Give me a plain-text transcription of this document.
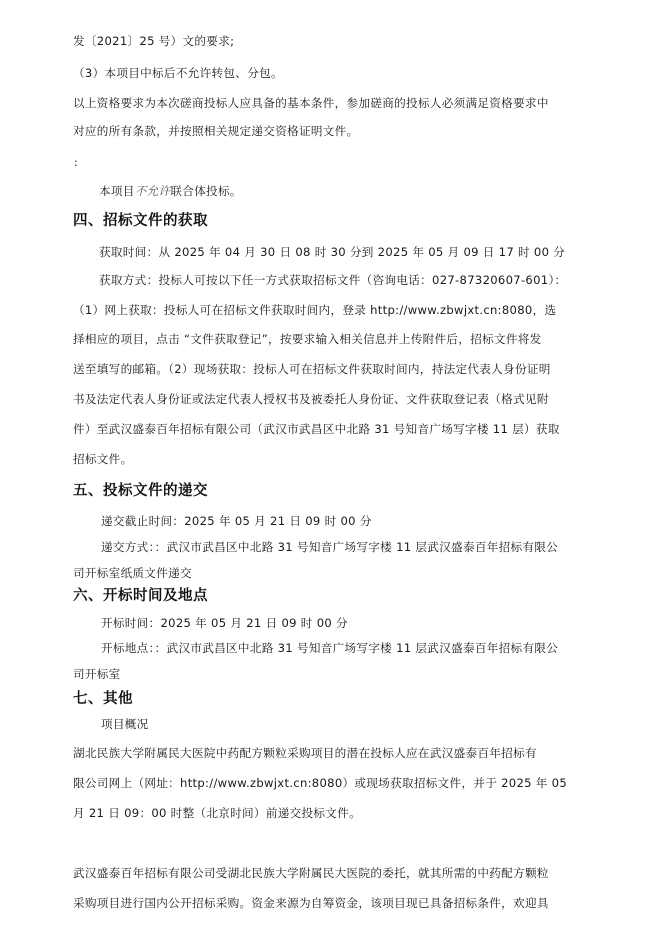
发〔2021〕25 号）文的要求;
（3）本项目中标后不允许转包、分包。
以上资格要求为本次磋商投标人应具备的基本条件，参加磋商的投标人必须满足资格要求中
对应的所有条款，并按照相关规定递交资格证明文件。
:
本项目不允许联合体投标。
四、招标文件的获取
获取时间：从 2025 年 04 月 30 日 08 时 30 分到 2025 年 05 月 09 日 17 时 00 分
获取方式：投标人可按以下任一方式获取招标文件（咨询电话：027-87320607-601）：
（1）网上获取：投标人可在招标文件获取时间内，登录 http://www.zbwjxt.cn:8080，选
择相应的项目，点击 “文件获取登记”，按要求输入相关信息并上传附件后，招标文件将发
送至填写的邮箱。（2）现场获取：投标人可在招标文件获取时间内，持法定代表人身份证明
书及法定代表人身份证或法定代表人授权书及被委托人身份证、文件获取登记表（格式见附
件）至武汉盛泰百年招标有限公司（武汉市武昌区中北路 31 号知音广场写字楼 11 层）获取
招标文件。
五、投标文件的递交
递交截止时间：2025 年 05 月 21 日 09 时 00 分
递交方式：：武汉市武昌区中北路 31 号知音广场写字楼 11 层武汉盛泰百年招标有限公
司开标室纸质文件递交
六、开标时间及地点
开标时间：2025 年 05 月 21 日 09 时 00 分
开标地点：：武汉市武昌区中北路 31 号知音广场写字楼 11 层武汉盛泰百年招标有限公
司开标室
七、其他
项目概况
湖北民族大学附属民大医院中药配方颗粒采购项目的潜在投标人应在武汉盛泰百年招标有
限公司网上（网址：http://www.zbwjxt.cn:8080）或现场获取招标文件，并于 2025 年 05
月 21 日 09：00 时整（北京时间）前递交投标文件。
武汉盛泰百年招标有限公司受湖北民族大学附属民大医院的委托，就其所需的中药配方颗粒
采购项目进行国内公开招标采购。资金来源为自筹资金，该项目现已具备招标条件，欢迎具
